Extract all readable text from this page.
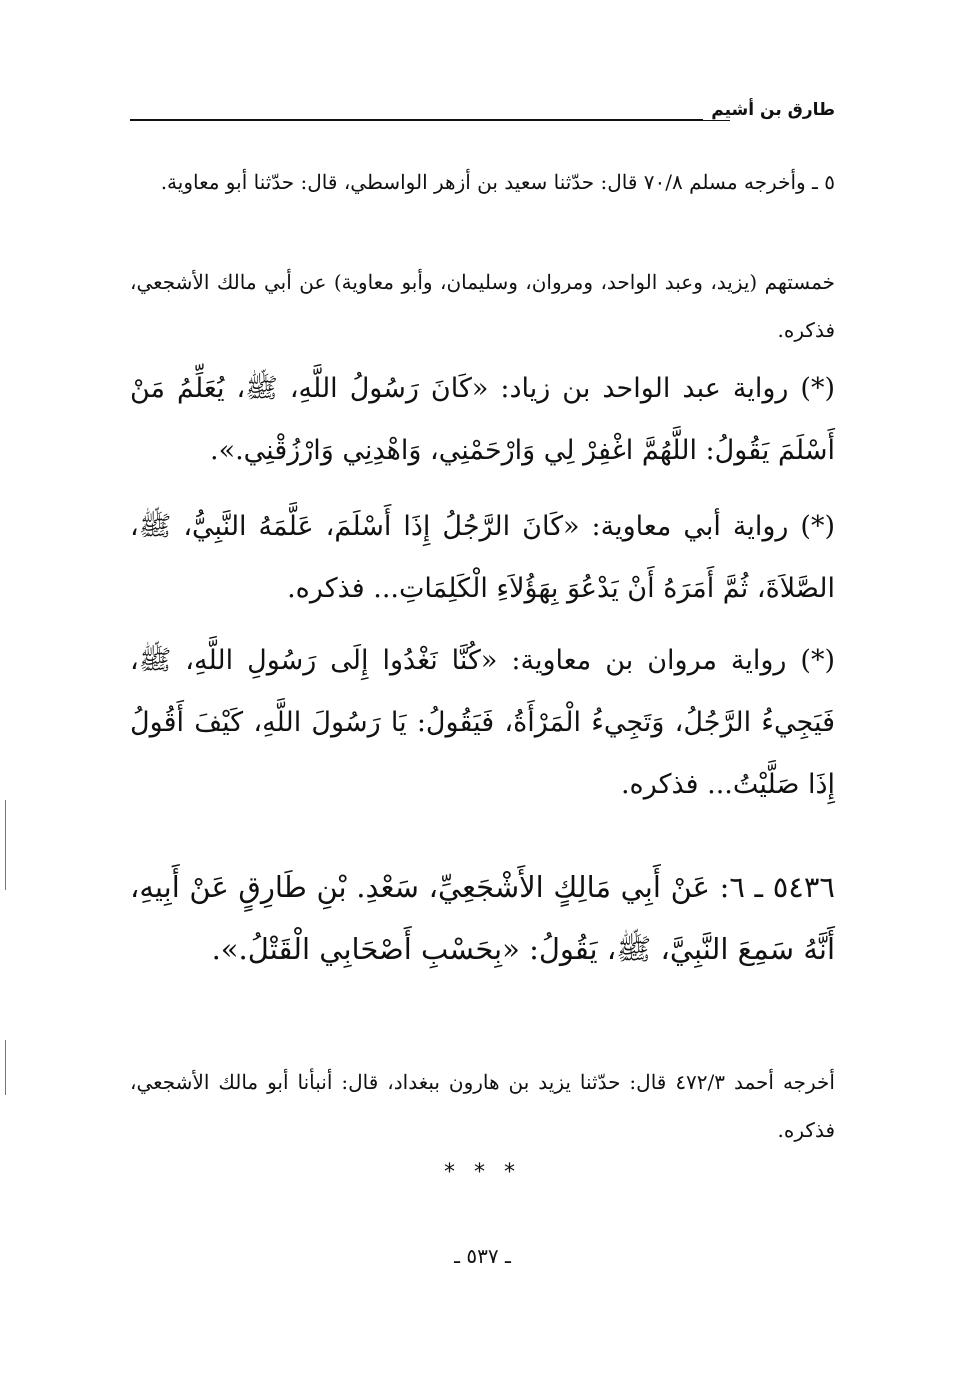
طارق بن أشيم
٥ ـ وأخرجه مسلم ٧٠/٨ قال: حدّثنا سعيد بن أزهر الواسطي، قال: حدّثنا أبو معاوية.
خمستهم (يزيد، وعبد الواحد، ومروان، وسليمان، وأبو معاوية) عن أبي مالك الأشجعي، فذكره.
(*) رواية عبد الواحد بن زياد: «كَانَ رَسُولُ اللَّهِ، ﷺ، يُعَلِّمُ مَنْ أَسْلَمَ يَقُولُ: اللَّهُمَّ اغْفِرْ لِي وَارْحَمْنِي، وَاهْدِنِي وَارْزُقْنِي.».
(*) رواية أبي معاوية: «كَانَ الرَّجُلُ إِذَا أَسْلَمَ، عَلَّمَهُ النَّبِيُّ، ﷺ، الصَّلاَةَ، ثُمَّ أَمَرَهُ أَنْ يَدْعُوَ بِهَؤُلاَءِ الْكَلِمَاتِ... فذكره.
(*) رواية مروان بن معاوية: «كُنَّا نَغْدُوا إِلَى رَسُولِ اللَّهِ، ﷺ، فَيَجِيءُ الرَّجُلُ، وَتَجِيءُ الْمَرْأَةُ، فَيَقُولُ: يَا رَسُولَ اللَّهِ، كَيْفَ أَقُولُ إِذَا صَلَّيْتُ... فذكره.
٥٤٣٦ ـ ٦: عَنْ أَبِي مَالِكٍ الأَشْجَعِيِّ، سَعْدِ. بْنِ طَارِقٍ عَنْ أَبِيهِ، أَنَّهُ سَمِعَ النَّبِيَّ، ﷺ، يَقُولُ: «بِحَسْبِ أَصْحَابِي الْقَتْلُ.».
أخرجه أحمد ٤٧٢/٣ قال: حدّثنا يزيد بن هارون ببغداد، قال: أنبأنا أبو مالك الأشجعي، فذكره.
* * *
ـ ٥٣٧ ـ
